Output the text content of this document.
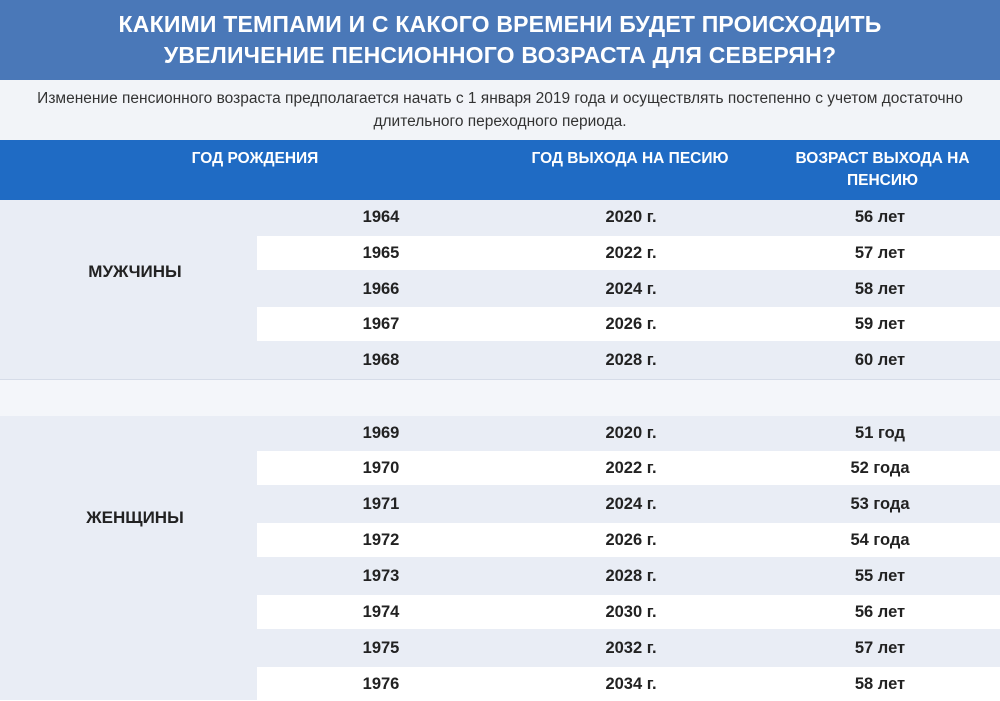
КАКИМИ ТЕМПАМИ И С КАКОГО ВРЕМЕНИ БУДЕТ ПРОИСХОДИТЬ УВЕЛИЧЕНИЕ ПЕНСИОННОГО ВОЗРАСТА ДЛЯ СЕВЕРЯН?
Изменение пенсионного возраста предполагается начать с 1 января 2019 года и осуществлять постепенно с учетом достаточно длительного переходного периода.
ГОД РОЖДЕНИЯ	ГОД ВЫХОДА НА ПЕСИЮ	ВОЗРАСТ ВЫХОДА НА ПЕНСИЮ
МУЖЧИНЫ
1964	2020 г.	56 лет
1965	2022 г.	57 лет
1966	2024 г.	58 лет
1967	2026 г.	59 лет
1968	2028 г.	60 лет
ЖЕНЩИНЫ
1969	2020 г.	51 год
1970	2022 г.	52 года
1971	2024 г.	53 года
1972	2026 г.	54 года
1973	2028 г.	55 лет
1974	2030 г.	56 лет
1975	2032 г.	57 лет
1976	2034 г.	58 лет
